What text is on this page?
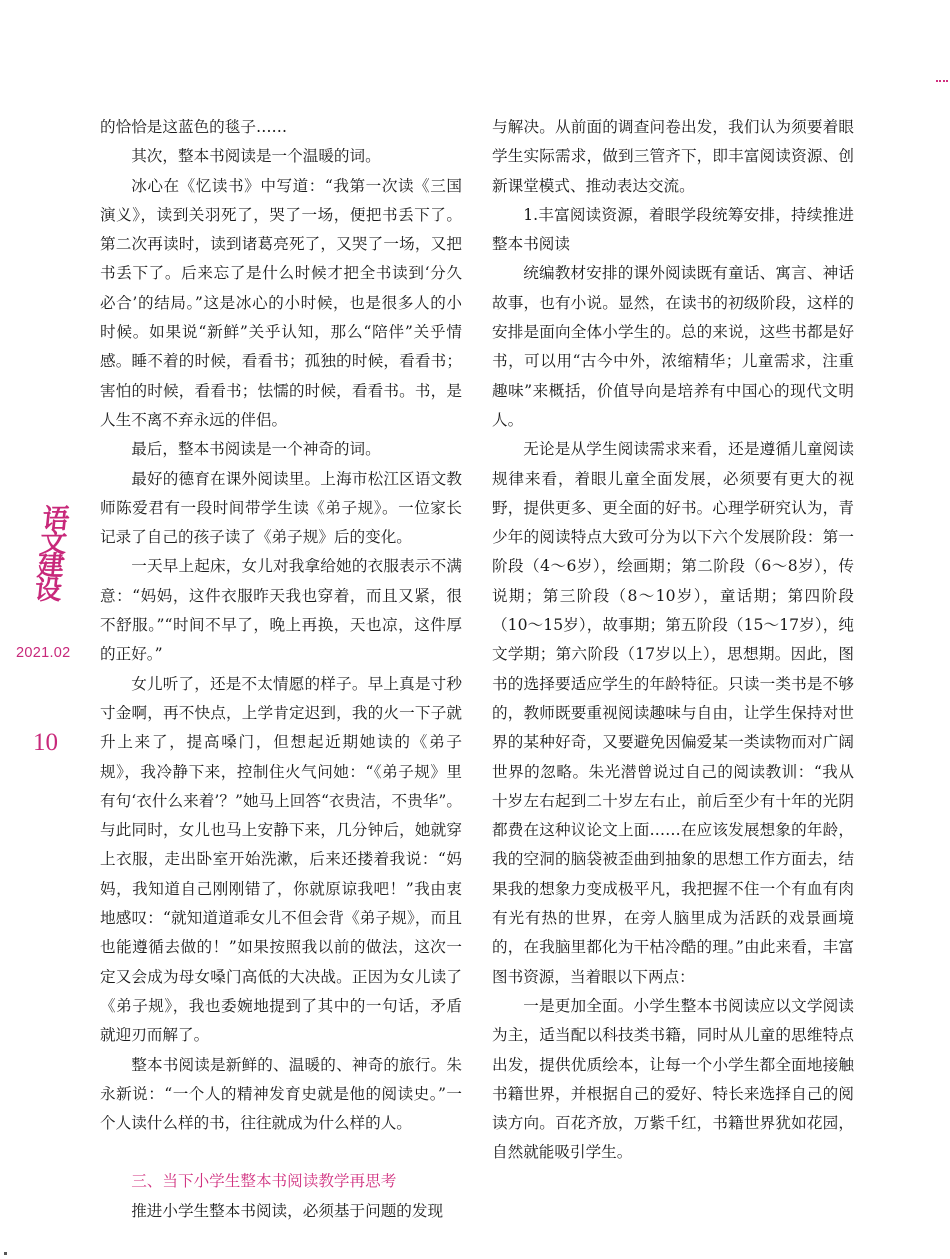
语
文
建
设
2021.02
10

的恰恰是这蓝色的毯子……

其次，整本书阅读是一个温暖的词。

冰心在《忆读书》中写道：“我第一次读《三国演义》，读到关羽死了，哭了一场，便把书丢下了。第二次再读时，读到诸葛亮死了，又哭了一场，又把书丢下了。后来忘了是什么时候才把全书读到‘分久必合’的结局。”这是冰心的小时候，也是很多人的小时候。如果说“新鲜”关乎认知，那么“陪伴”关乎情感。睡不着的时候，看看书；孤独的时候，看看书；害怕的时候，看看书；怯懦的时候，看看书。书，是人生不离不弃永远的伴侣。

最后，整本书阅读是一个神奇的词。

最好的德育在课外阅读里。上海市松江区语文教师陈爱君有一段时间带学生读《弟子规》。一位家长记录了自己的孩子读了《弟子规》后的变化。

一天早上起床，女儿对我拿给她的衣服表示不满意：“妈妈，这件衣服昨天我也穿着，而且又紧，很不舒服。”“时间不早了，晚上再换，天也凉，这件厚的正好。”

女儿听了，还是不太情愿的样子。早上真是寸秒寸金啊，再不快点，上学肯定迟到，我的火一下子就升上来了，提高嗓门，但想起近期她读的《弟子规》，我冷静下来，控制住火气问她：“《弟子规》里有句‘衣什么来着’？”她马上回答“衣贵洁，不贵华”。与此同时，女儿也马上安静下来，几分钟后，她就穿上衣服，走出卧室开始洗漱，后来还搂着我说：“妈妈，我知道自己刚刚错了，你就原谅我吧！”我由衷地感叹：“就知道道乖女儿不但会背《弟子规》，而且也能遵循去做的！”如果按照我以前的做法，这次一定又会成为母女嗓门高低的大决战。正因为女儿读了《弟子规》，我也委婉地提到了其中的一句话，矛盾就迎刃而解了。

整本书阅读是新鲜的、温暖的、神奇的旅行。朱永新说：“一个人的精神发育史就是他的阅读史。”一个人读什么样的书，往往就成为什么样的人。

三、当下小学生整本书阅读教学再思考

推进小学生整本书阅读，必须基于问题的发现

与解决。从前面的调查问卷出发，我们认为须要着眼学生实际需求，做到三管齐下，即丰富阅读资源、创新课堂模式、推动表达交流。

1.丰富阅读资源，着眼学段统筹安排，持续推进整本书阅读

统编教材安排的课外阅读既有童话、寓言、神话故事，也有小说。显然，在读书的初级阶段，这样的安排是面向全体小学生的。总的来说，这些书都是好书，可以用“古今中外，浓缩精华；儿童需求，注重趣味”来概括，价值导向是培养有中国心的现代文明人。

无论是从学生阅读需求来看，还是遵循儿童阅读规律来看，着眼儿童全面发展，必须要有更大的视野，提供更多、更全面的好书。心理学研究认为，青少年的阅读特点大致可分为以下六个发展阶段：第一阶段（4～6岁），绘画期；第二阶段（6～8岁），传说期；第三阶段（8～10岁），童话期；第四阶段（10～15岁），故事期；第五阶段（15～17岁），纯文学期；第六阶段（17岁以上），思想期。因此，图书的选择要适应学生的年龄特征。只读一类书是不够的，教师既要重视阅读趣味与自由，让学生保持对世界的某种好奇，又要避免因偏爱某一类读物而对广阔世界的忽略。朱光潜曾说过自己的阅读教训：“我从十岁左右起到二十岁左右止，前后至少有十年的光阴都费在这种议论文上面……在应该发展想象的年龄，我的空洞的脑袋被歪曲到抽象的思想工作方面去，结果我的想象力变成极平凡，我把握不住一个有血有肉有光有热的世界，在旁人脑里成为活跃的戏景画境的，在我脑里都化为干枯冷酷的理。”由此来看，丰富图书资源，当着眼以下两点：

一是更加全面。小学生整本书阅读应以文学阅读为主，适当配以科技类书籍，同时从儿童的思维特点出发，提供优质绘本，让每一个小学生都全面地接触书籍世界，并根据自己的爱好、特长来选择自己的阅读方向。百花齐放，万紫千红，书籍世界犹如花园，自然就能吸引学生。
